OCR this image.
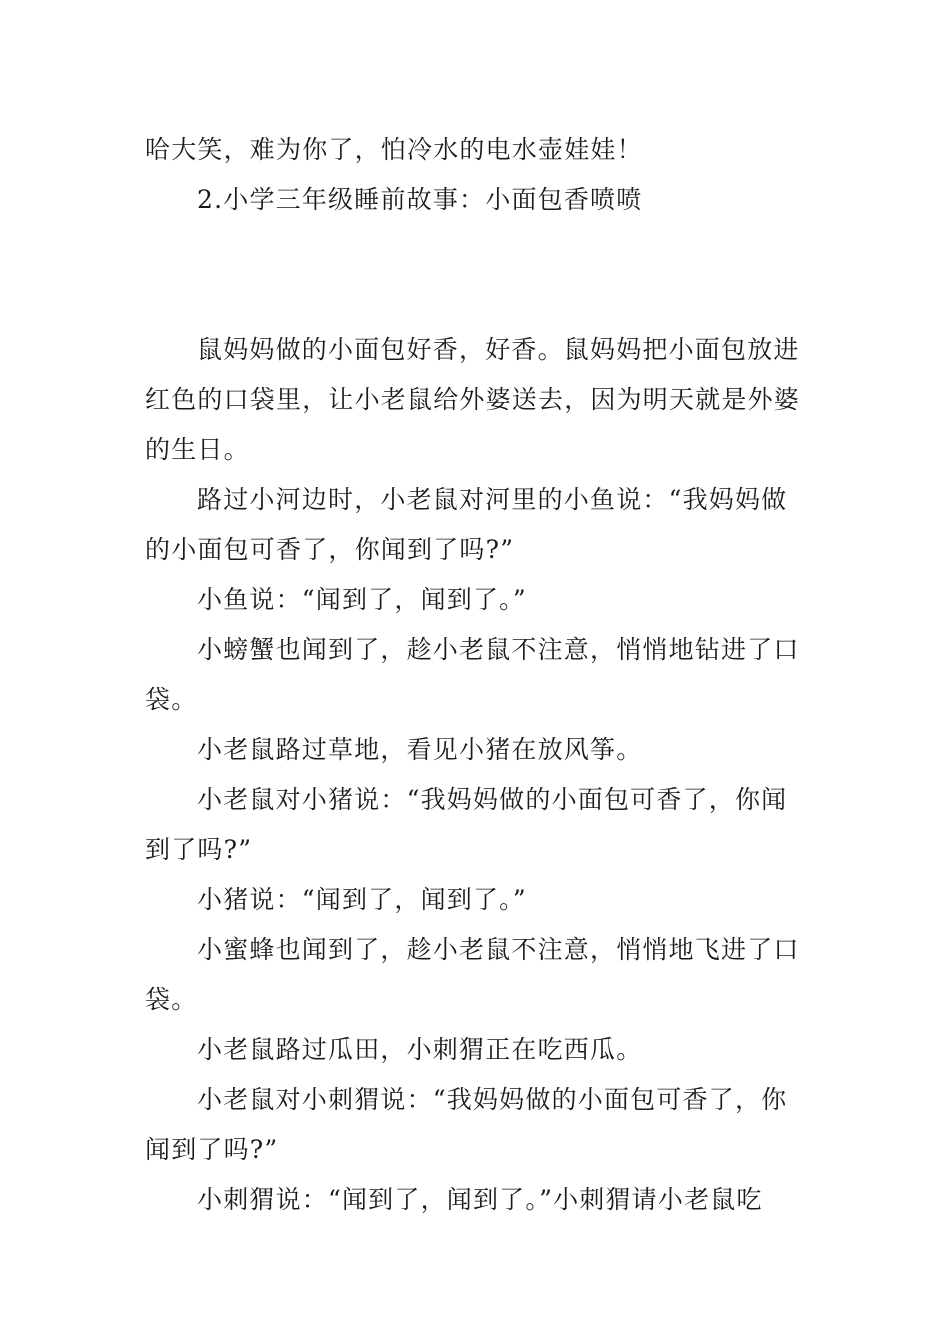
哈大笑，难为你了，怕冷水的电水壶娃娃！

2.小学三年级睡前故事：小面包香喷喷

鼠妈妈做的小面包好香，好香。鼠妈妈把小面包放进红色的口袋里，让小老鼠给外婆送去，因为明天就是外婆的生日。

路过小河边时，小老鼠对河里的小鱼说：“我妈妈做的小面包可香了，你闻到了吗?”

小鱼说：“闻到了，闻到了。”

小螃蟹也闻到了，趁小老鼠不注意，悄悄地钻进了口袋。

小老鼠路过草地，看见小猪在放风筝。

小老鼠对小猪说：“我妈妈做的小面包可香了，你闻到了吗?”

小猪说：“闻到了，闻到了。”

小蜜蜂也闻到了，趁小老鼠不注意，悄悄地飞进了口袋。

小老鼠路过瓜田，小刺猬正在吃西瓜。

小老鼠对小刺猬说：“我妈妈做的小面包可香了，你闻到了吗?”

小刺猬说：“闻到了，闻到了。”小刺猬请小老鼠吃
